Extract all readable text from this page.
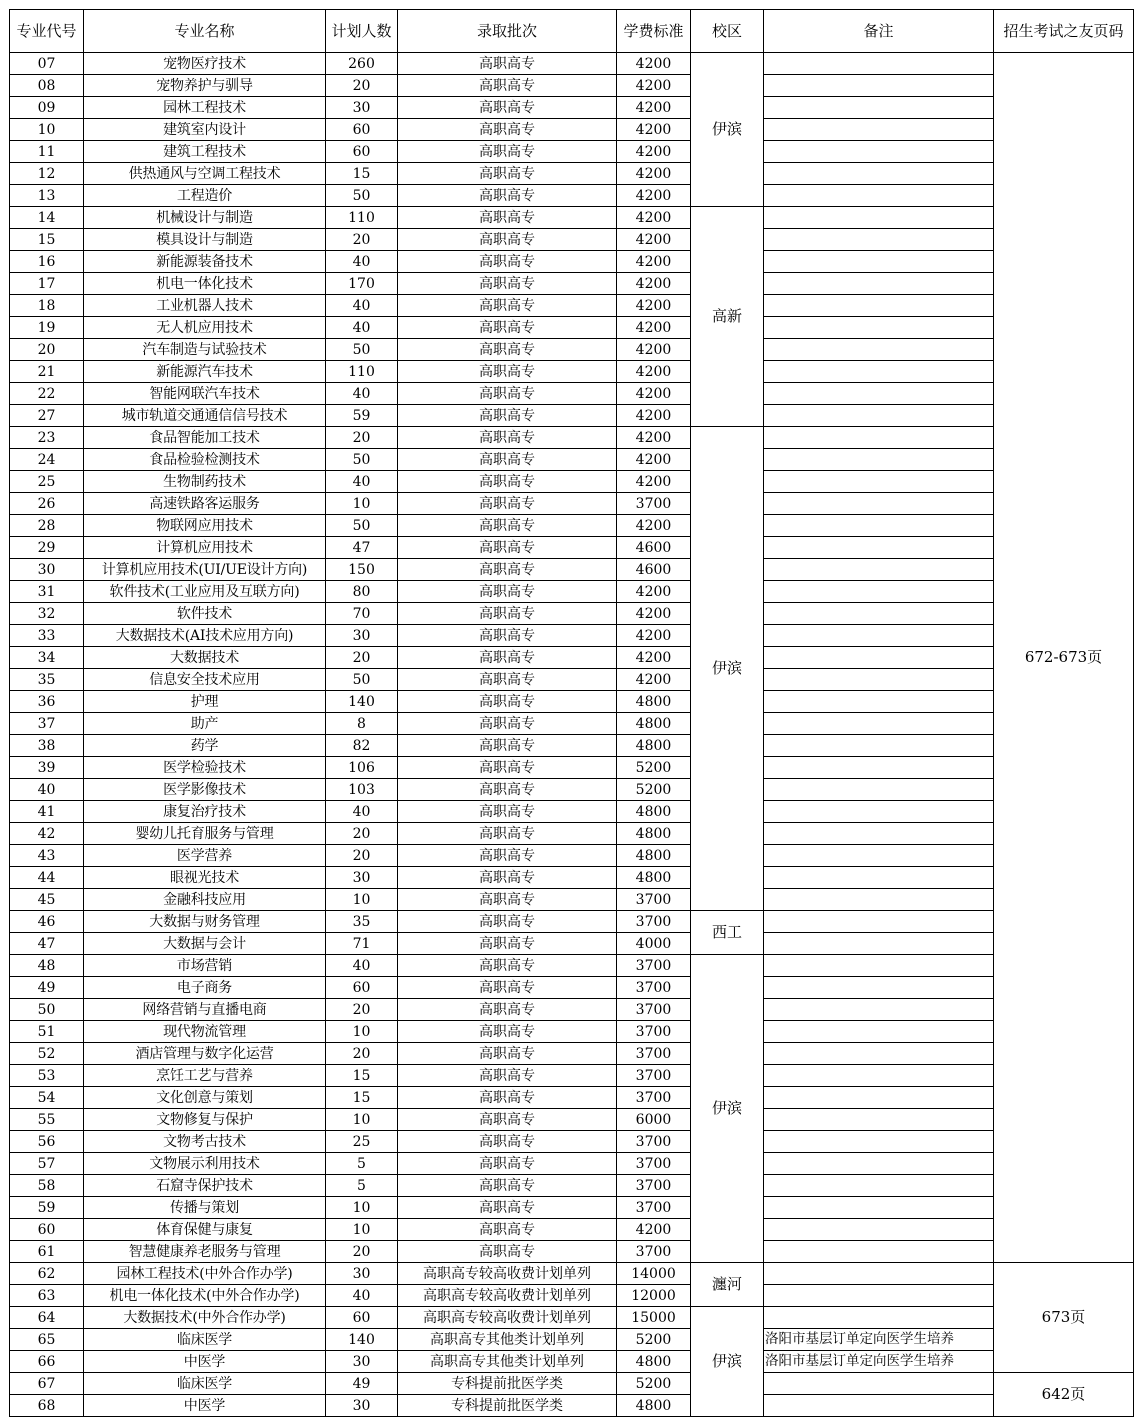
专业代号	专业名称	计划人数	录取批次	学费标准	校区	备注	招生考试之友页码
07	宠物医疗技术	260	高职高专	4200	伊滨		672-673页
08	宠物养护与驯导	20	高职高专	4200			
09	园林工程技术	30	高职高专	4200			
10	建筑室内设计	60	高职高专	4200			
11	建筑工程技术	60	高职高专	4200			
12	供热通风与空调工程技术	15	高职高专	4200			
13	工程造价	50	高职高专	4200			
14	机械设计与制造	110	高职高专	4200	高新		
15	模具设计与制造	20	高职高专	4200			
16	新能源装备技术	40	高职高专	4200			
17	机电一体化技术	170	高职高专	4200			
18	工业机器人技术	40	高职高专	4200			
19	无人机应用技术	40	高职高专	4200			
20	汽车制造与试验技术	50	高职高专	4200			
21	新能源汽车技术	110	高职高专	4200			
22	智能网联汽车技术	40	高职高专	4200			
27	城市轨道交通通信信号技术	59	高职高专	4200			
23	食品智能加工技术	20	高职高专	4200	伊滨		
24	食品检验检测技术	50	高职高专	4200			
25	生物制药技术	40	高职高专	4200			
26	高速铁路客运服务	10	高职高专	3700			
28	物联网应用技术	50	高职高专	4200			
29	计算机应用技术	47	高职高专	4600			
30	计算机应用技术(UI/UE设计方向)	150	高职高专	4600			
31	软件技术(工业应用及互联方向)	80	高职高专	4200			
32	软件技术	70	高职高专	4200			
33	大数据技术(AI技术应用方向)	30	高职高专	4200			
34	大数据技术	20	高职高专	4200			
35	信息安全技术应用	50	高职高专	4200			
36	护理	140	高职高专	4800			
37	助产	8	高职高专	4800			
38	药学	82	高职高专	4800			
39	医学检验技术	106	高职高专	5200			
40	医学影像技术	103	高职高专	5200			
41	康复治疗技术	40	高职高专	4800			
42	婴幼儿托育服务与管理	20	高职高专	4800			
43	医学营养	20	高职高专	4800			
44	眼视光技术	30	高职高专	4800			
45	金融科技应用	10	高职高专	3700			
46	大数据与财务管理	35	高职高专	3700	西工		
47	大数据与会计	71	高职高专	4000			
48	市场营销	40	高职高专	3700	伊滨		
49	电子商务	60	高职高专	3700			
50	网络营销与直播电商	20	高职高专	3700			
51	现代物流管理	10	高职高专	3700			
52	酒店管理与数字化运营	20	高职高专	3700			
53	烹饪工艺与营养	15	高职高专	3700			
54	文化创意与策划	15	高职高专	3700			
55	文物修复与保护	10	高职高专	6000			
56	文物考古技术	25	高职高专	3700			
57	文物展示利用技术	5	高职高专	3700			
58	石窟寺保护技术	5	高职高专	3700			
59	传播与策划	10	高职高专	3700			
60	体育保健与康复	10	高职高专	4200			
61	智慧健康养老服务与管理	20	高职高专	3700			
62	园林工程技术(中外合作办学)	30	高职高专较高收费计划单列	14000	瀍河		673页
63	机电一体化技术(中外合作办学)	40	高职高专较高收费计划单列	12000			
64	大数据技术(中外合作办学)	60	高职高专较高收费计划单列	15000	伊滨		
65	临床医学	140	高职高专其他类计划单列	5200		洛阳市基层订单定向医学生培养	
66	中医学	30	高职高专其他类计划单列	4800		洛阳市基层订单定向医学生培养	
67	临床医学	49	专科提前批医学类	5200			642页
68	中医学	30	专科提前批医学类	4800			
